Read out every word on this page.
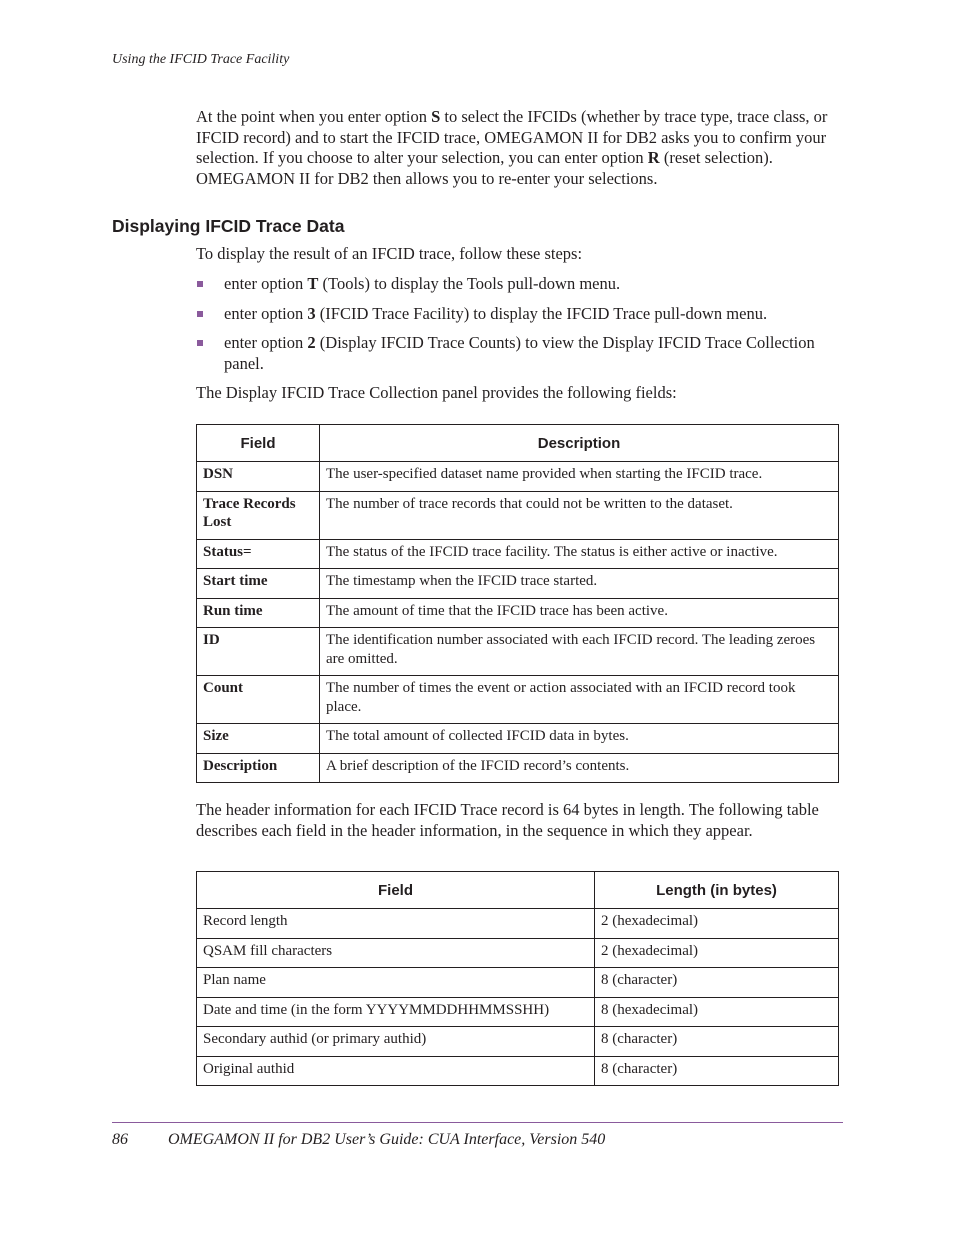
Using the IFCID Trace Facility

At the point when you enter option S to select the IFCIDs (whether by trace type, trace class, or IFCID record) and to start the IFCID trace, OMEGAMON II for DB2 asks you to confirm your selection. If you choose to alter your selection, you can enter option R (reset selection). OMEGAMON II for DB2 then allows you to re-enter your selections.

Displaying IFCID Trace Data

To display the result of an IFCID trace, follow these steps:

enter option T (Tools) to display the Tools pull-down menu.
enter option 3 (IFCID Trace Facility) to display the IFCID Trace pull-down menu.
enter option 2 (Display IFCID Trace Counts) to view the Display IFCID Trace Collection panel.

The Display IFCID Trace Collection panel provides the following fields:

Field	Description
DSN	The user-specified dataset name provided when starting the IFCID trace.
Trace Records Lost	The number of trace records that could not be written to the dataset.
Status=	The status of the IFCID trace facility. The status is either active or inactive.
Start time	The timestamp when the IFCID trace started.
Run time	The amount of time that the IFCID trace has been active.
ID	The identification number associated with each IFCID record. The leading zeroes are omitted.
Count	The number of times the event or action associated with an IFCID record took place.
Size	The total amount of collected IFCID data in bytes.
Description	A brief description of the IFCID record’s contents.

The header information for each IFCID Trace record is 64 bytes in length. The following table describes each field in the header information, in the sequence in which they appear.

Field	Length (in bytes)
Record length	2 (hexadecimal)
QSAM fill characters	2 (hexadecimal)
Plan name	8 (character)
Date and time (in the form YYYYMMDDHHMMSSHH)	8 (hexadecimal)
Secondary authid (or primary authid)	8 (character)
Original authid	8 (character)
86	OMEGAMON II for DB2 User’s Guide: CUA Interface, Version 540
